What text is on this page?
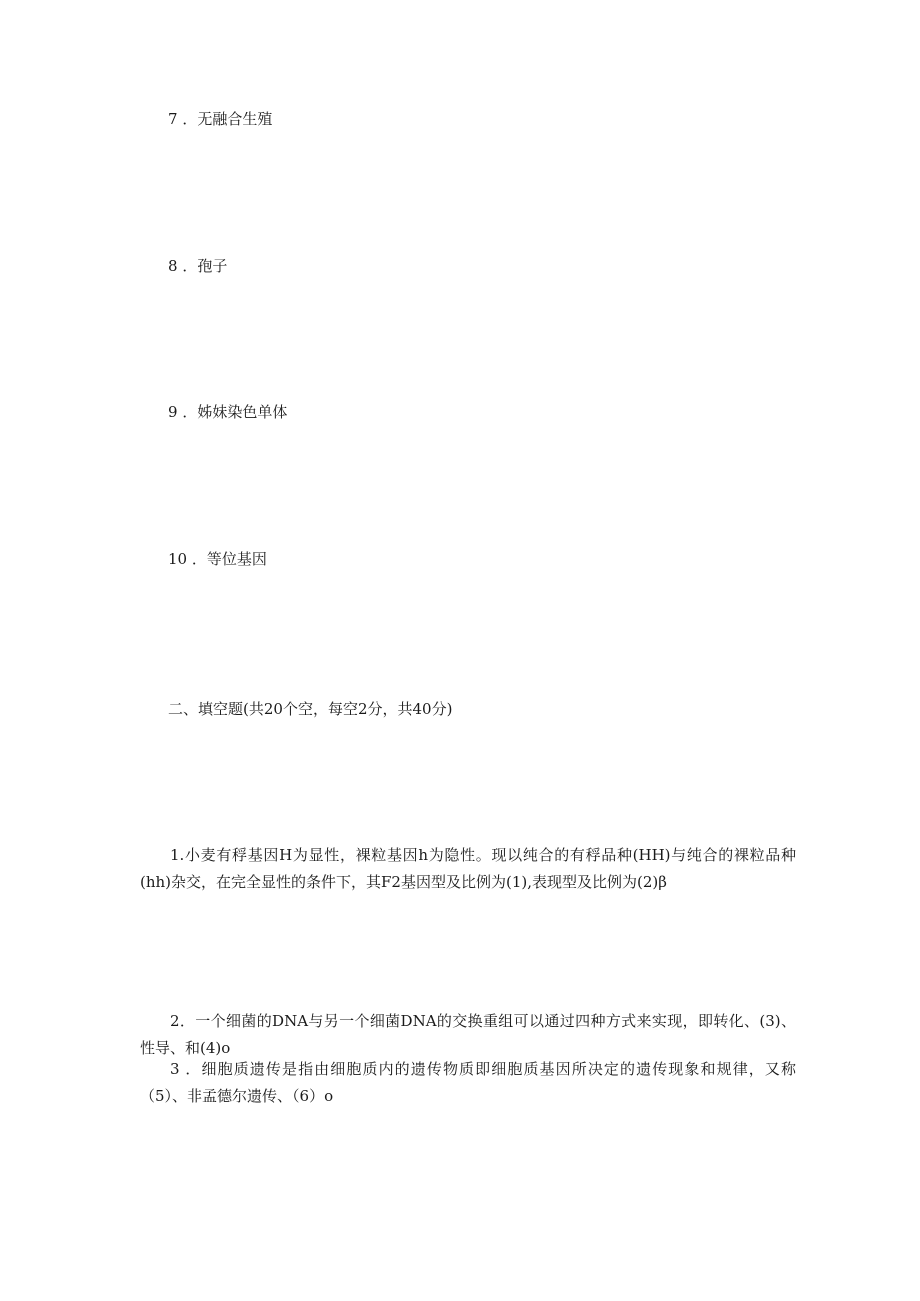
7 ．无融合生殖

8 ．孢子

9 ．姊妹染色单体

10 ．等位基因

二、填空题(共20个空，每空2分，共40分)

1.小麦有稃基因H为显性，裸粒基因h为隐性。现以纯合的有稃品种(HH)与纯合的裸粒品种(hh)杂交，在完全显性的条件下，其F2基因型及比例为(1),表现型及比例为(2)β

2．一个细菌的DNA与另一个细菌DNA的交换重组可以通过四种方式来实现，即转化、(3)、性导、和(4)o

3 ．细胞质遗传是指由细胞质内的遗传物质即细胞质基因所决定的遗传现象和规律，又称（5）、非孟德尔遗传、（6）o
